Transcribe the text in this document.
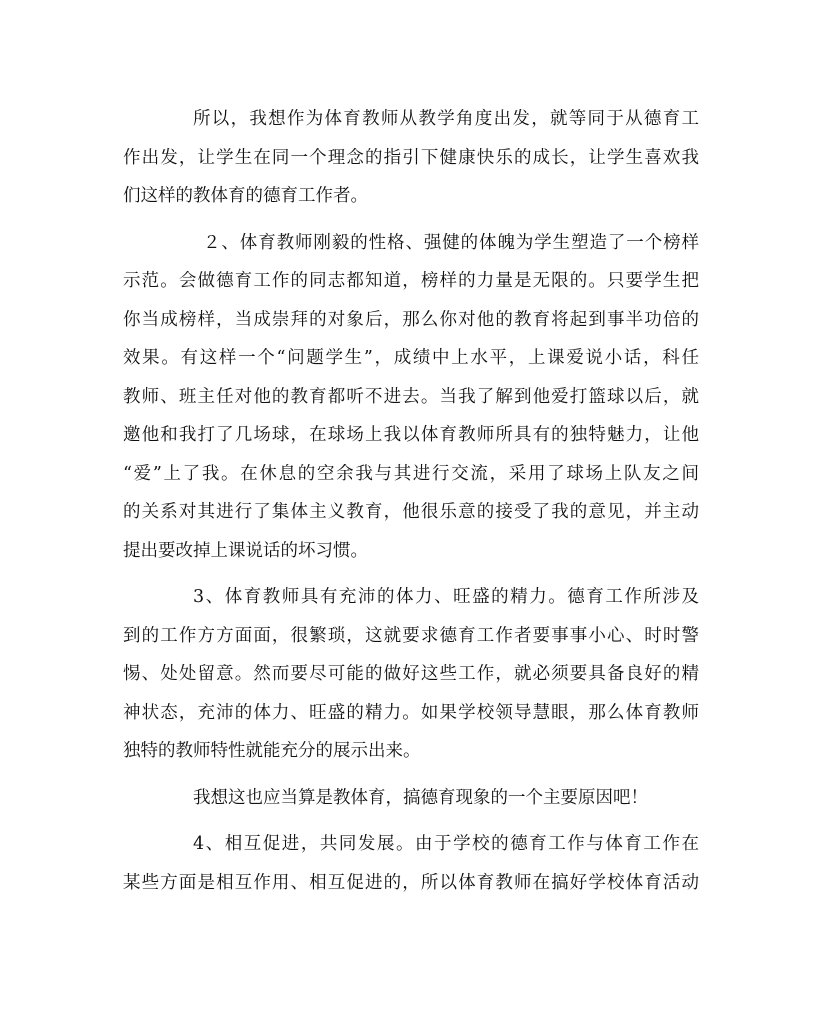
所以，我想作为体育教师从教学角度出发，就等同于从德育工
作出发，让学生在同一个理念的指引下健康快乐的成长，让学生喜欢我
们这样的教体育的德育工作者。
２、体育教师刚毅的性格、强健的体魄为学生塑造了一个榜样
示范。会做德育工作的同志都知道，榜样的力量是无限的。只要学生把
你当成榜样，当成崇拜的对象后，那么你对他的教育将起到事半功倍的
效果。有这样一个“问题学生”，成绩中上水平，上课爱说小话，科任
教师、班主任对他的教育都听不进去。当我了解到他爱打篮球以后，就
邀他和我打了几场球，在球场上我以体育教师所具有的独特魅力，让他
“爱”上了我。在休息的空余我与其进行交流，采用了球场上队友之间
的关系对其进行了集体主义教育，他很乐意的接受了我的意见，并主动
提出要改掉上课说话的坏习惯。
3、体育教师具有充沛的体力、旺盛的精力。德育工作所涉及
到的工作方方面面，很繁琐，这就要求德育工作者要事事小心、时时警
惕、处处留意。然而要尽可能的做好这些工作，就必须要具备良好的精
神状态，充沛的体力、旺盛的精力。如果学校领导慧眼，那么体育教师
独特的教师特性就能充分的展示出来。
我想这也应当算是教体育，搞德育现象的一个主要原因吧！
4、相互促进，共同发展。由于学校的德育工作与体育工作在
某些方面是相互作用、相互促进的，所以体育教师在搞好学校体育活动
